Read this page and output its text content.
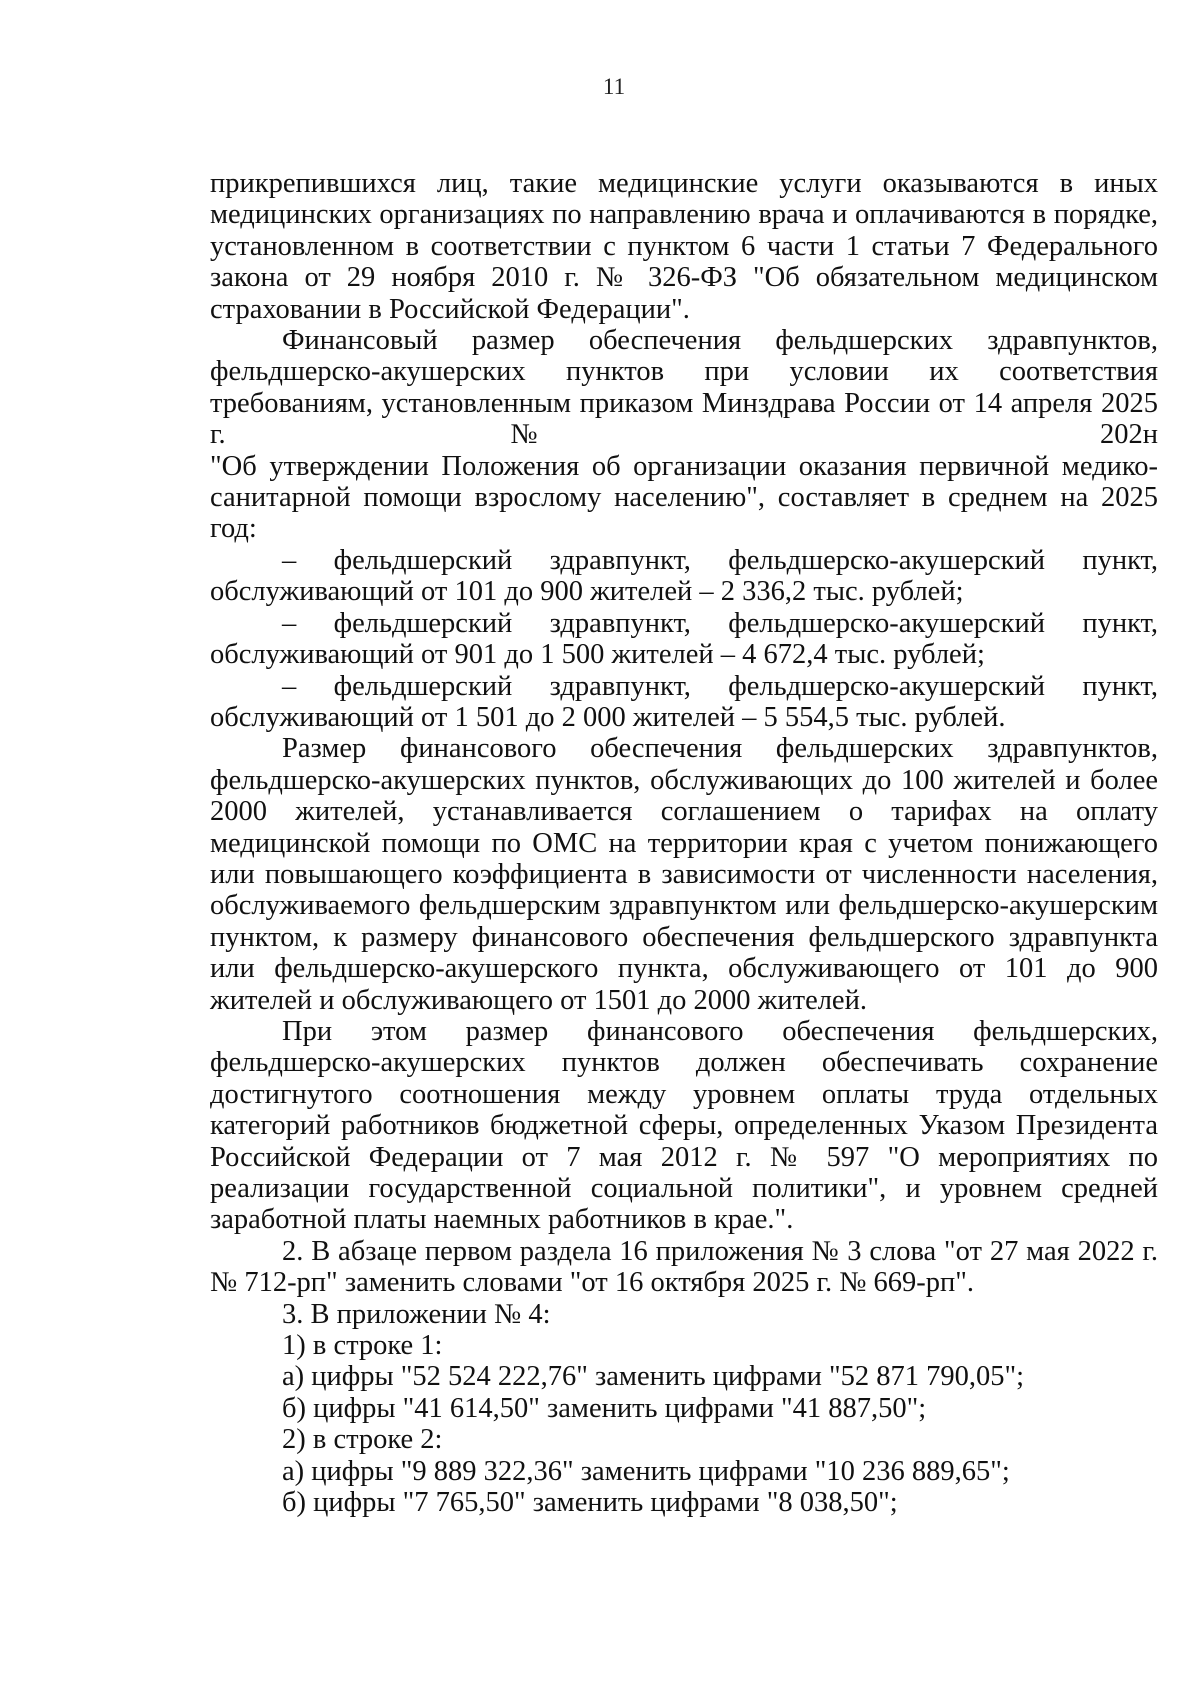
11

прикрепившихся лиц, такие медицинские услуги оказываются в иных медицинских организациях по направлению врача и оплачиваются в порядке, установленном в соответствии с пунктом 6 части 1 статьи 7 Федерального закона от 29 ноября 2010 г. № 326-ФЗ "Об обязательном медицинском страховании в Российской Федерации".

Финансовый размер обеспечения фельдшерских здравпунктов,

фельдшерско-акушерских пунктов при условии их соответствия

требованиям, установленным приказом Минздрава России от 14 апреля 2025

г. № 202н

"Об утверждении Положения об организации оказания первичной медико-санитарной помощи взрослому населению", составляет в среднем на 2025 год:

– фельдшерский здравпункт, фельдшерско-акушерский пункт, обслуживающий от 101 до 900 жителей – 2 336,2 тыс. рублей;

– фельдшерский здравпункт, фельдшерско-акушерский пункт, обслуживающий от 901 до 1 500 жителей – 4 672,4 тыс. рублей;

– фельдшерский здравпункт, фельдшерско-акушерский пункт, обслуживающий от 1 501 до 2 000 жителей – 5 554,5 тыс. рублей.

Размер финансового обеспечения фельдшерских здравпунктов, фельдшерско-акушерских пунктов, обслуживающих до 100 жителей и более 2000 жителей, устанавливается соглашением о тарифах на оплату медицинской помощи по ОМС на территории края с учетом понижающего или повышающего коэффициента в зависимости от численности населения, обслуживаемого фельдшерским здравпунктом или фельдшерско-акушерским пунктом, к размеру финансового обеспечения фельдшерского здравпункта или фельдшерско-акушерского пункта, обслуживающего от 101 до 900 жителей и обслуживающего от 1501 до 2000 жителей.

При этом размер финансового обеспечения фельдшерских, фельдшерско-акушерских пунктов должен обеспечивать сохранение достигнутого соотношения между уровнем оплаты труда отдельных категорий работников бюджетной сферы, определенных Указом Президента Российской Федерации от 7 мая 2012 г. № 597 "О мероприятиях по реализации государственной социальной политики", и уровнем средней заработной платы наемных работников в крае.".

2. В абзаце первом раздела 16 приложения № 3 слова "от 27 мая 2022 г. № 712-рп" заменить словами "от 16 октября 2025 г. № 669-рп".

3. В приложении № 4:

1) в строке 1:

а) цифры "52 524 222,76" заменить цифрами "52 871 790,05";

б) цифры "41 614,50" заменить цифрами "41 887,50";

2) в строке 2:

а) цифры "9 889 322,36" заменить цифрами "10 236 889,65";

б) цифры "7 765,50" заменить цифрами "8 038,50";
